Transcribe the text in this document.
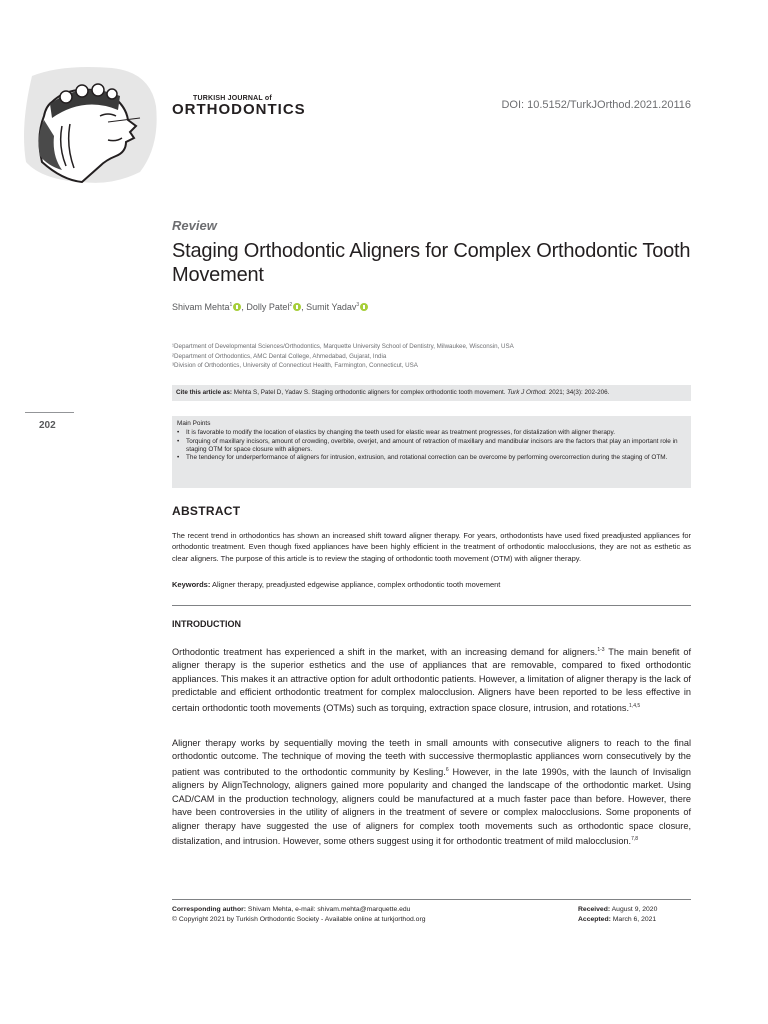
TURKISH JOURNAL of
ORTHODONTICS	DOI: 10.5152/TurkJOrthod.2021.20116
Review
Staging Orthodontic Aligners for Complex Orthodontic Tooth Movement
Shivam Mehta$^1$ , Dolly Patel$^2$ , Sumit Yadav$^3$
¹Department of Developmental Sciences/Orthodontics, Marquette University School of Dentistry, Milwaukee, Wisconsin, USA
²Department of Orthodontics, AMC Dental College, Ahmedabad, Gujarat, India
³Division of Orthodontics, University of Connecticut Health, Farmington, Connecticut, USA
Cite this article as: Mehta S, Patel D, Yadav S. Staging orthodontic aligners for complex orthodontic tooth movement. Turk J Orthod. 2021; 34(3): 202-206.
202	Main Points
• It is favorable to modify the location of elastics by changing the teeth used for elastic wear as treatment progresses, for distalization with aligner therapy.
• Torquing of maxillary incisors, amount of crowding, overbite, overjet, and amount of retraction of maxillary and mandibular incisors are the factors that play an important role in staging OTM for space closure with aligners.
• The tendency for underperformance of aligners for intrusion, extrusion, and rotational correction can be overcome by performing overcorrection during the staging of OTM.
ABSTRACT
The recent trend in orthodontics has shown an increased shift toward aligner therapy. For years, orthodontists have used fixed preadjusted appliances for orthodontic treatment. Even though fixed appliances have been highly efficient in the treatment of orthodontic malocclusions, they are not as esthetic as clear aligners. The purpose of this article is to review the staging of orthodontic tooth movement (OTM) with aligner therapy.
Keywords: Aligner therapy, preadjusted edgewise appliance, complex orthodontic tooth movement
INTRODUCTION
Orthodontic treatment has experienced a shift in the market, with an increasing demand for aligners.$^{1-3}$ The main benefit of aligner therapy is the superior esthetics and the use of appliances that are removable, compared to fixed orthodontic appliances. This makes it an attractive option for adult orthodontic patients. However, a limitation of aligner therapy is the lack of predictable and efficient orthodontic treatment for complex malocclusion. Aligners have been reported to be less effective in certain orthodontic tooth movements (OTMs) such as torquing, extraction space closure, intrusion, and rotations.$^{1,4,5}$
Aligner therapy works by sequentially moving the teeth in small amounts with consecutive aligners to reach to the final orthodontic outcome. The technique of moving the teeth with successive thermoplastic appliances worn consecutively by the patient was contributed to the orthodontic community by Kesling.$^6$ However, in the late 1990s, with the launch of Invisalign aligners by AlignTechnology, aligners gained more popularity and changed the landscape of the orthodontic market. Using CAD/CAM in the production technology, aligners could be manufactured at a much faster pace than before. However, there have been controversies in the utility of aligners in the treatment of severe or complex malocclusions. Some proponents of aligner therapy have suggested the use of aligners for complex tooth movements such as orthodontic space closure, distalization, and intrusion. However, some others suggest using it for orthodontic treatment of mild malocclusion.$^{7,8}$
Corresponding author: Shivam Mehta, e-mail: shivam.mehta@marquette.edu
© Copyright 2021 by Turkish Orthodontic Society - Available online at turkjorthod.org
Received: August 9, 2020
Accepted: March 6, 2021
